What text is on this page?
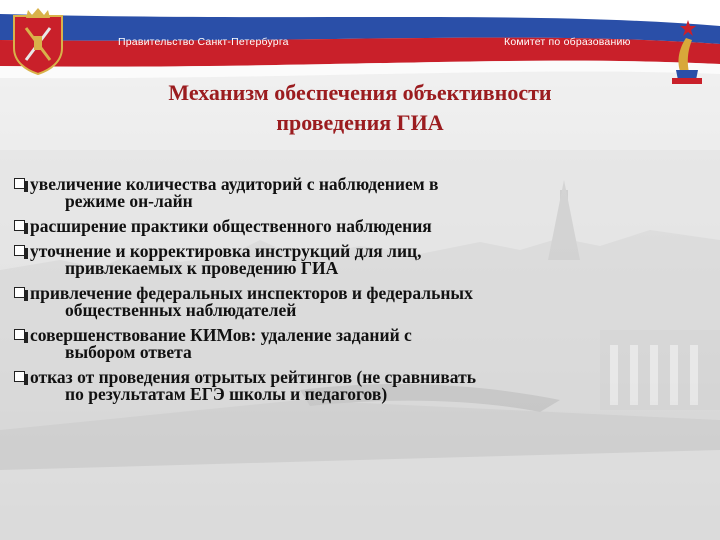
Правительство Санкт-Петербурга	Комитет по образованию
Механизм обеспечения объективности
проведения ГИА
увеличение количества аудиторий с наблюдением в
режиме он-лайн
расширение практики общественного наблюдения
уточнение и корректировка инструкций для лиц,
привлекаемых к проведению ГИА
привлечение федеральных инспекторов и федеральных
общественных наблюдателей
совершенствование КИМов: удаление заданий с
выбором ответа
отказ от проведения отрытых рейтингов (не сравнивать
по результатам ЕГЭ школы и педагогов)
